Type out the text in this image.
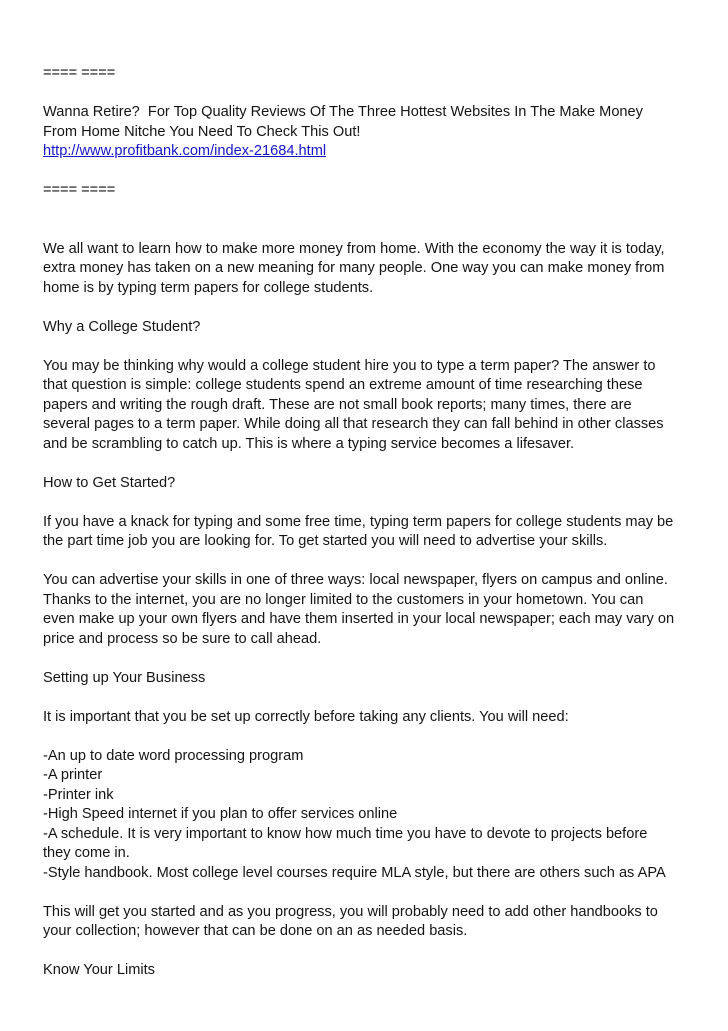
==== ====
Wanna Retire?  For Top Quality Reviews Of The Three Hottest Websites In The Make Money
From Home Nitche You Need To Check This Out!
http://www.profitbank.com/index-21684.html
==== ====
We all want to learn how to make more money from home. With the economy the way it is today,
extra money has taken on a new meaning for many people. One way you can make money from
home is by typing term papers for college students.
Why a College Student?
You may be thinking why would a college student hire you to type a term paper? The answer to
that question is simple: college students spend an extreme amount of time researching these
papers and writing the rough draft. These are not small book reports; many times, there are
several pages to a term paper. While doing all that research they can fall behind in other classes
and be scrambling to catch up. This is where a typing service becomes a lifesaver.
How to Get Started?
If you have a knack for typing and some free time, typing term papers for college students may be
the part time job you are looking for. To get started you will need to advertise your skills.
You can advertise your skills in one of three ways: local newspaper, flyers on campus and online.
Thanks to the internet, you are no longer limited to the customers in your hometown. You can
even make up your own flyers and have them inserted in your local newspaper; each may vary on
price and process so be sure to call ahead.
Setting up Your Business
It is important that you be set up correctly before taking any clients. You will need:
-An up to date word processing program
-A printer
-Printer ink
-High Speed internet if you plan to offer services online
-A schedule. It is very important to know how much time you have to devote to projects before
they come in.
-Style handbook. Most college level courses require MLA style, but there are others such as APA
This will get you started and as you progress, you will probably need to add other handbooks to
your collection; however that can be done on an as needed basis.
Know Your Limits
